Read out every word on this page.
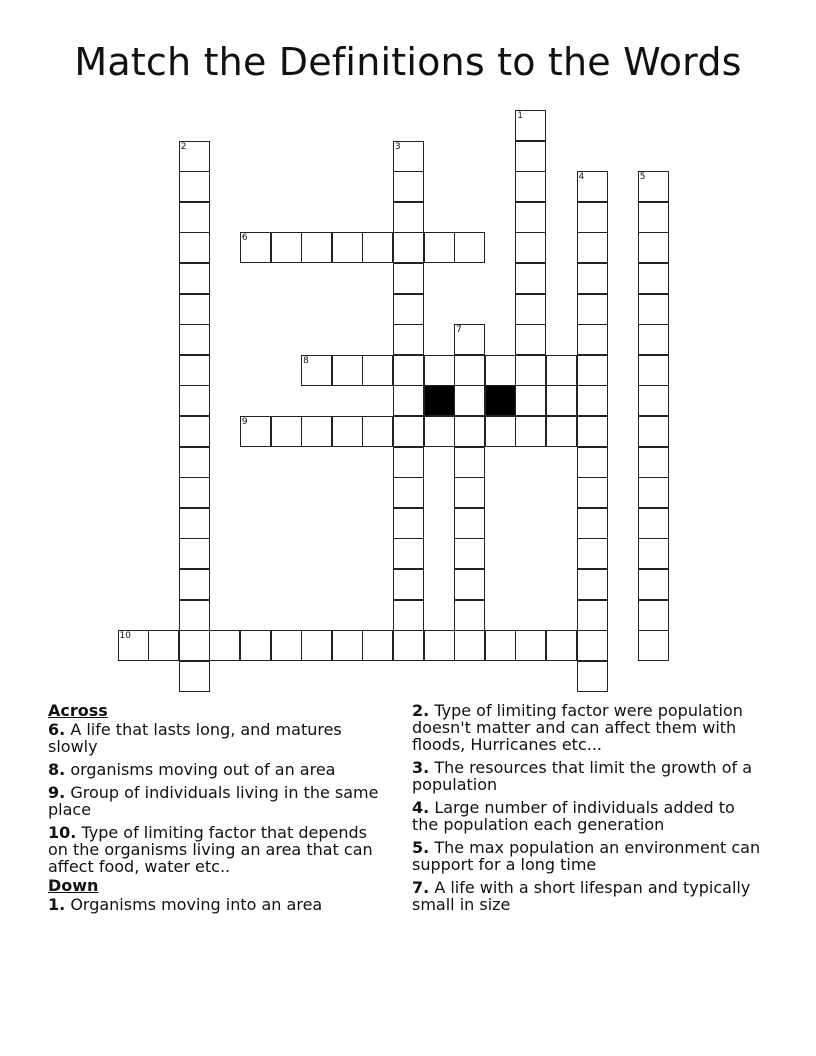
Match the Definitions to the Words
1
2	3
4	5
7
6
8
9
10
Across
6. A life that lasts long, and matures slowly
8. organisms moving out of an area
9. Group of individuals living in the same place
10. Type of limiting factor that depends on the organisms living an area that can affect food, water etc..
Down
1. Organisms moving into an area
2. Type of limiting factor were population doesn't matter and can affect them with floods, Hurricanes etc...
3. The resources that limit the growth of a population
4. Large number of individuals added to the population each generation
5. The max population an environment can support for a long time
7. A life with a short lifespan and typically small in size
